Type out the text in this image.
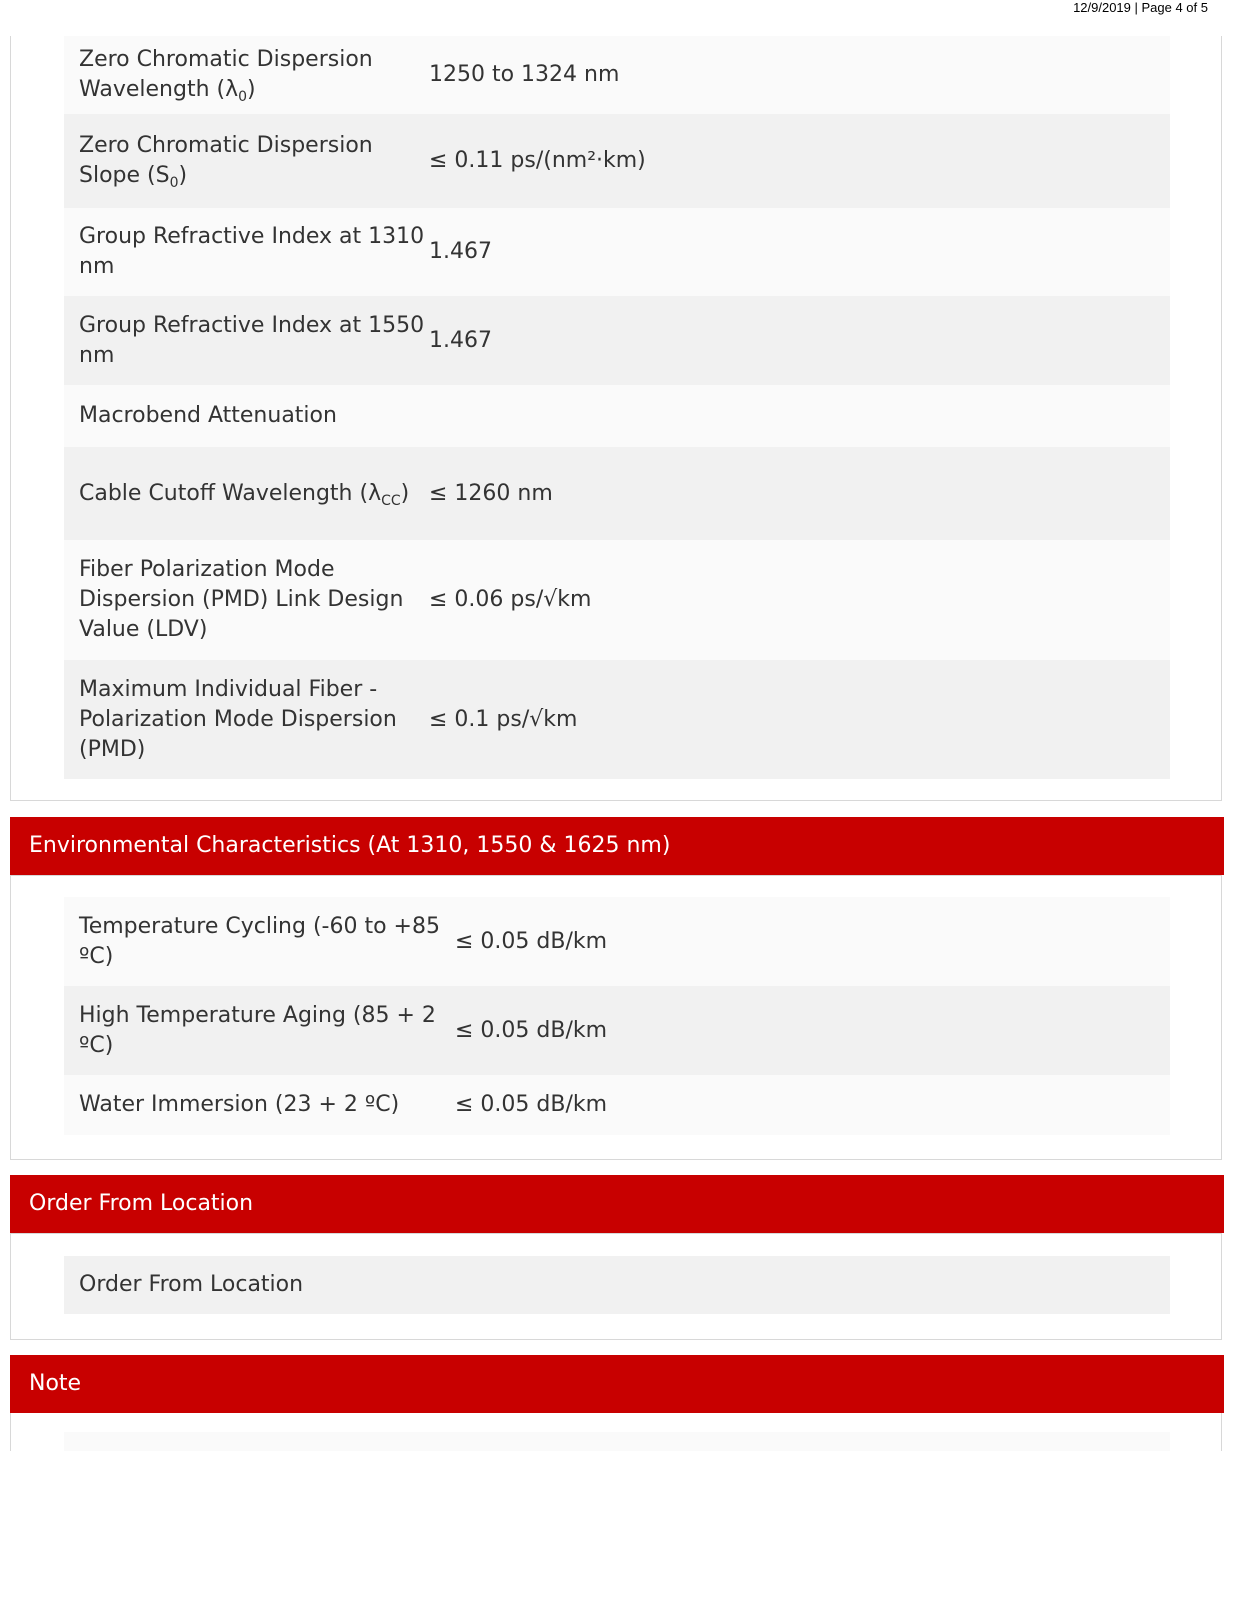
12/9/2019 | Page 4 of 5
Zero Chromatic Dispersion Wavelength $(\lambda_0)$
1250 to 1324 nm
Zero Chromatic Dispersion Slope $(S_0)$
≤ 0.11 ps/(nm²·km)
Group Refractive Index at 1310 nm
1.467
Group Refractive Index at 1550 nm
1.467
Macrobend Attenuation
Cable Cutoff Wavelength $(\lambda_{CC}) \le 1260$ nm
Fiber Polarization Mode Dispersion (PMD) Link Design Value (LDV)
≤ 0.06 ps/√km
Maximum Individual Fiber - Polarization Mode Dispersion (PMD)
≤ 0.1 ps/√km
Environmental Characteristics (At 1310, 1550 & 1625 nm)
Temperature Cycling (-60 to +85 ºC)
≤ 0.05 dB/km
High Temperature Aging (85 + 2 ºC)
≤ 0.05 dB/km
Water Immersion (23 + 2 ºC)	≤ 0.05 dB/km
Order From Location
Order From Location
Note
